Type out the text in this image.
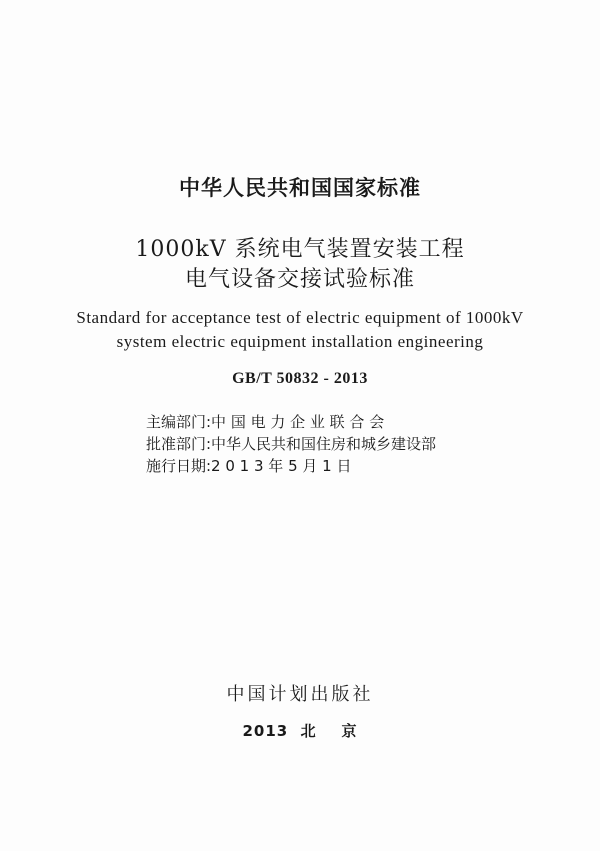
中华人民共和国国家标准
1000kV 系统电气装置安装工程
电气设备交接试验标准
Standard for acceptance test of electric equipment of 1000kV
system electric equipment installation engineering
GB/T 50832 - 2013
主编部门:中 国 电 力 企 业 联 合 会
批准部门:中华人民共和国住房和城乡建设部
施行日期:2 0 1 3 年 5 月 1 日
中国计划出版社
2013  北    京
